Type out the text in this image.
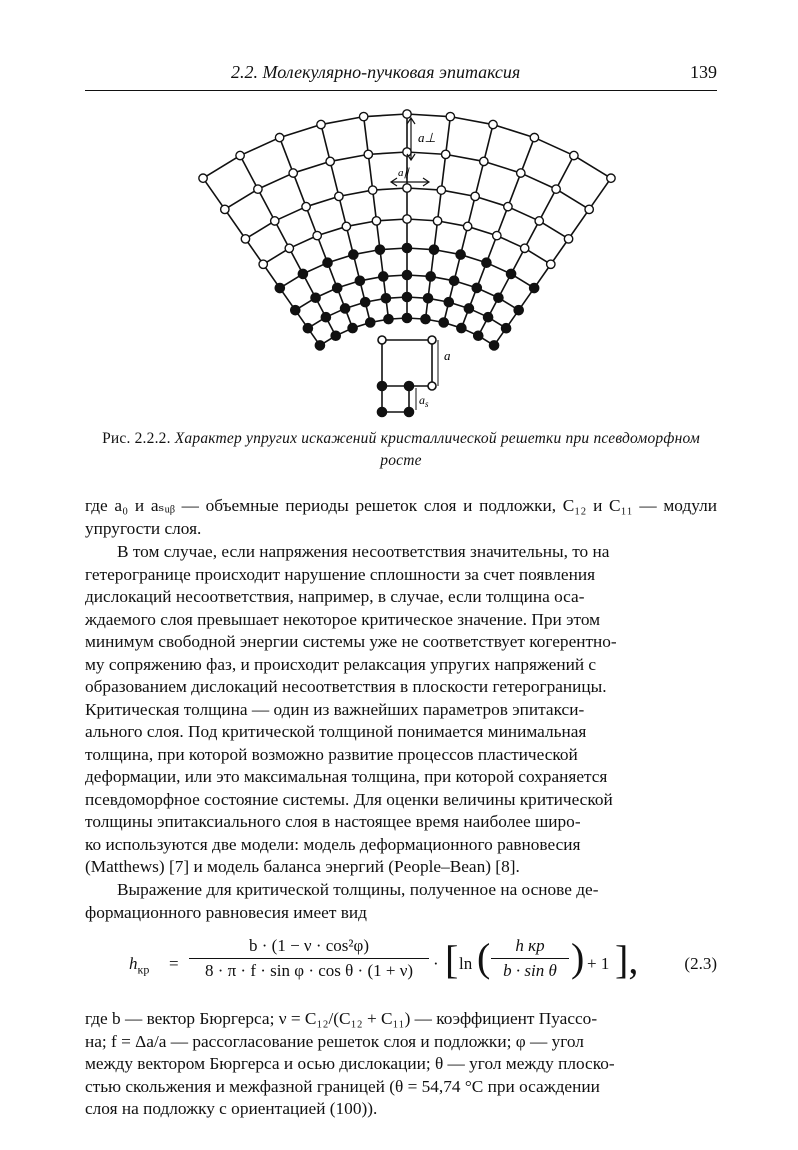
2.2. Молекулярно-пучковая эпитаксия	139
a⊥
a∥
a
$a_s$
Рис. 2.2.2. Характер упругих искажений кристаллической решетки при псевдоморфном росте
где a₀ и aₛᵤᵦ — объемные периоды решеток слоя и подложки, C₁₂ и C₁₁ — модули упругости слоя.
В том случае, если напряжения несоответствия значительны, то на
гетерогранице происходит нарушение сплошности за счет появления
дислокаций несоответствия, например, в случае, если толщина оса-
ждаемого слоя превышает некоторое критическое значение. При этом
минимум свободной энергии системы уже не соответствует когерентно-
му сопряжению фаз, и происходит релаксация упругих напряжений с
образованием дислокаций несоответствия в плоскости гетерограницы.
Критическая толщина — один из важнейших параметров эпитакси-
ального слоя. Под критической толщиной понимается минимальная
толщина, при которой возможно развитие процессов пластической
деформации, или это максимальная толщина, при которой сохраняется
псевдоморфное состояние системы. Для оценки величины критической
толщины эпитаксиального слоя в настоящее время наиболее широ-
ко используются две модели: модель деформационного равновесия
(Matthews) [7] и модель баланса энергий (People–Bean) [8].
Выражение для критической толщины, полученное на основе де-
формационного равновесия имеет вид
$h_{кр} = \frac{\text{b · (1 − ν · cos²φ)}}{\text{8 · π · f · sin φ · cos θ · (1 + ν)}}$ · [ ln (	h кр
b · sin θ ) + 1 ],	(2.3)
где b — вектор Бюргерса; ν = C₁₂/(C₁₂ + C₁₁) — коэффициент Пуассо-
на; f = Δa/a — рассогласование решеток слоя и подложки; φ — угол
между вектором Бюргерса и осью дислокации; θ — угол между плоско-
стью скольжения и межфазной границей (θ = 54,74 °С при осаждении
слоя на подложку с ориентацией (100)).
